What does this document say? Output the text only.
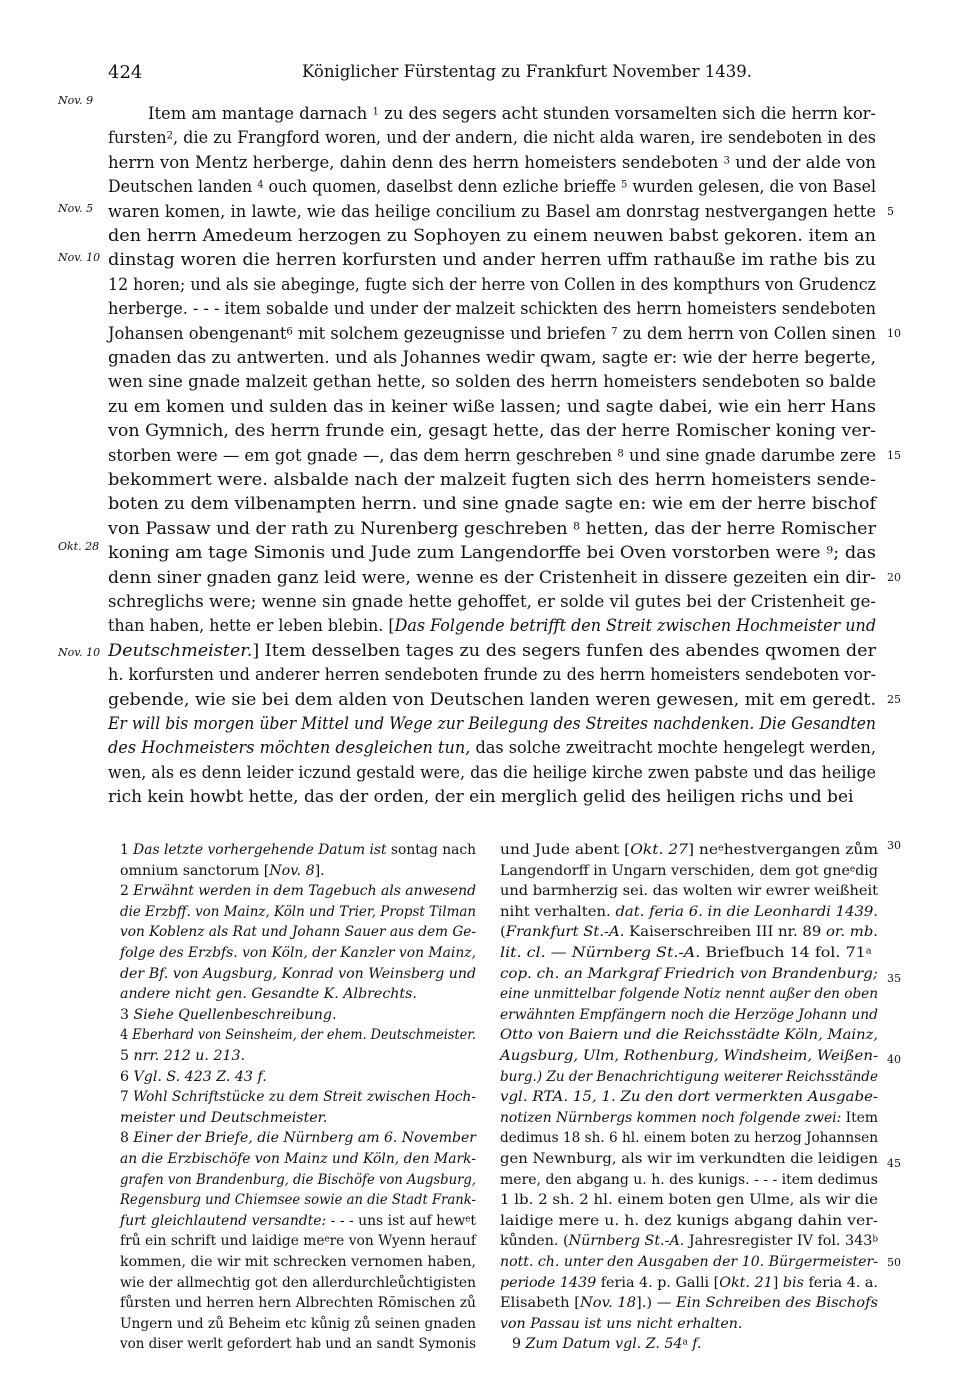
424	Königlicher Fürstentag zu Frankfurt November 1439.
Nov. 9
Nov. 5
Nov. 10
Okt. 28
Nov. 10
5
10
15
20
25
30
35
40
45
50
Item am mantage darnach $^1$ zu des segers acht stunden vorsamelten sich die herrn kor-
fursten$^2$, die zu Frangford woren, und der andern, die nicht alda waren, ire sendeboten in des
herrn von Mentz herberge, dahin denn des herrn homeisters sendeboten $^3$ und der alde von
Deutschen landen $^4$ ouch quomen, daselbst denn ezliche brieffe $^5$ wurden gelesen, die von Basel
waren komen, in lawte, wie das heilige concilium zu Basel am donrstag nestvergangen hette
den herrn Amedeum herzogen zu Sophoyen zu einem neuwen babst gekoren. item an
dinstag woren die herren korfursten und ander herren uffm rathauße im rathe bis zu
12 horen; und als sie abeginge, fugte sich der herre von Collen in des kompthurs von Grudencz
herberge. - - - item sobalde und under der malzeit schickten des herrn homeisters sendeboten
Johansen obengenant$^6$ mit solchem gezeugnisse und briefen $^7$ zu dem herrn von Collen sinen
gnaden das zu antwerten. und als Johannes wedir qwam, sagte er: wie der herre begerte,
wen sine gnade malzeit gethan hette, so solden des herrn homeisters sendeboten so balde
zu em komen und sulden das in keiner wiße lassen; und sagte dabei, wie ein herr Hans
von Gymnich, des herrn frunde ein, gesagt hette, das der herre Romischer koning ver-
storben were — em got gnade —, das dem herrn geschreben $^8$ und sine gnade darumbe zere
bekommert were. alsbalde nach der malzeit fugten sich des herrn homeisters sende-
boten zu dem vilbenampten herrn. und sine gnade sagte en: wie em der herre bischof
von Passaw und der rath zu Nurenberg geschreben $^8$ hetten, das der herre Romischer
koning am tage Simonis und Jude zum Langendorffe bei Oven vorstorben were $^9$; das
denn siner gnaden ganz leid were, wenne es der Cristenheit in dissere gezeiten ein dir-
schreglichs were; wenne sin gnade hette gehoffet, er solde vil gutes bei der Cristenheit ge-
than haben, hette er leben blebin. [Das Folgende betrifft den Streit zwischen Hochmeister und
Deutschmeister.] Item desselben tages zu des segers funfen des abendes qwomen der
h. korfursten und anderer herren sendeboten frunde zu des herrn homeisters sendeboten vor-
gebende, wie sie bei dem alden von Deutschen landen weren gewesen, mit em geredt.
Er will bis morgen über Mittel und Wege zur Beilegung des Streites nachdenken. Die Gesandten
des Hochmeisters möchten desgleichen tun, das solche zweitracht mochte hengelegt werden,
wen, als es denn leider iczund gestald were, das die heilige kirche zwen pabste und das heilige
rich kein howbt hette, das der orden, der ein merglich gelid des heiligen richs und bei
1 Das letzte vorhergehende Datum ist sontag nach
omnium sanctorum [Nov. 8].
2 Erwähnt werden in dem Tagebuch als anwesend
die Erzbff. von Mainz, Köln und Trier, Propst Tilman
von Koblenz als Rat und Johann Sauer aus dem Ge-
folge des Erzbfs. von Köln, der Kanzler von Mainz,
der Bf. von Augsburg, Konrad von Weinsberg und
andere nicht gen. Gesandte K. Albrechts.
3 Siehe Quellenbeschreibung.
4 Eberhard von Seinsheim, der ehem. Deutschmeister.
5 nrr. 212 u. 213.
6 Vgl. S. 423 Z. 43 f.
7 Wohl Schriftstücke zu dem Streit zwischen Hoch-
meister und Deutschmeister.
8 Einer der Briefe, die Nürnberg am 6. November
an die Erzbischöfe von Mainz und Köln, den Mark-
grafen von Brandenburg, die Bischöfe von Augsburg,
Regensburg und Chiemsee sowie an die Stadt Frank-
furt gleichlautend versandte: - - - uns ist auf hew$^e$t
frů ein schrift und laidige $me^ere$ von Wyenn herauf
kommen, die wir mit schrecken vernomen haben,
wie der allmechtig got den allerdurchleůchtigisten
fůrsten und herren hern Albrechten Rŏmischen zů
Ungern und zů Beheim etc kůnig zů seinen gnaden
von diser werlt gefordert hab und an sandt Symonis
und Jude abent [Okt. 27] $ne^ehestvergangen$ zům
Langendorff in Ungarn verschiden, dem got gne$^e$dig
und barmherzig sei. das wolten wir ewrer weißheit
niht verhalten. dat. feria 6. in die Leonhardi 1439.
(Frankfurt St.-A. Kaiserschreiben III nr. 89 or. mb.
lit. cl. — Nürnberg St.-A. Briefbuch 14 fol. 71$^a$
cop. ch. an Markgraf Friedrich von Brandenburg;
eine unmittelbar folgende Notiz nennt außer den oben
erwähnten Empfängern noch die Herzöge Johann und
Otto von Baiern und die Reichsstädte Köln, Mainz,
Augsburg, Ulm, Rothenburg, Windsheim, Weißen-
burg.) Zu der Benachrichtigung weiterer Reichsstände
vgl. RTA. 15, 1. Zu den dort vermerkten Ausgabe-
notizen Nürnbergs kommen noch folgende zwei: Item
dedimus 18 sh. 6 hl. einem boten zu herzog Johannsen
gen Newnburg, als wir im verkundten die leidigen
mere, den abgang u. h. des kunigs. - - - item dedimus
1 lb. 2 sh. 2 hl. einem boten gen Ulme, als wir die
laidige mere u. h. dez kunigs abgang dahin ver-
kůnden. (Nürnberg St.-A. Jahresregister IV fol. 343$^b$
nott. ch. unter den Ausgaben der 10. Bürgermeister-
periode 1439 feria 4. p. Galli [Okt. 21] bis feria 4. a.
Elisabeth [Nov. 18].) — Ein Schreiben des Bischofs
von Passau ist uns nicht erhalten.
9 Zum Datum vgl. Z. 54$^a$ f.
